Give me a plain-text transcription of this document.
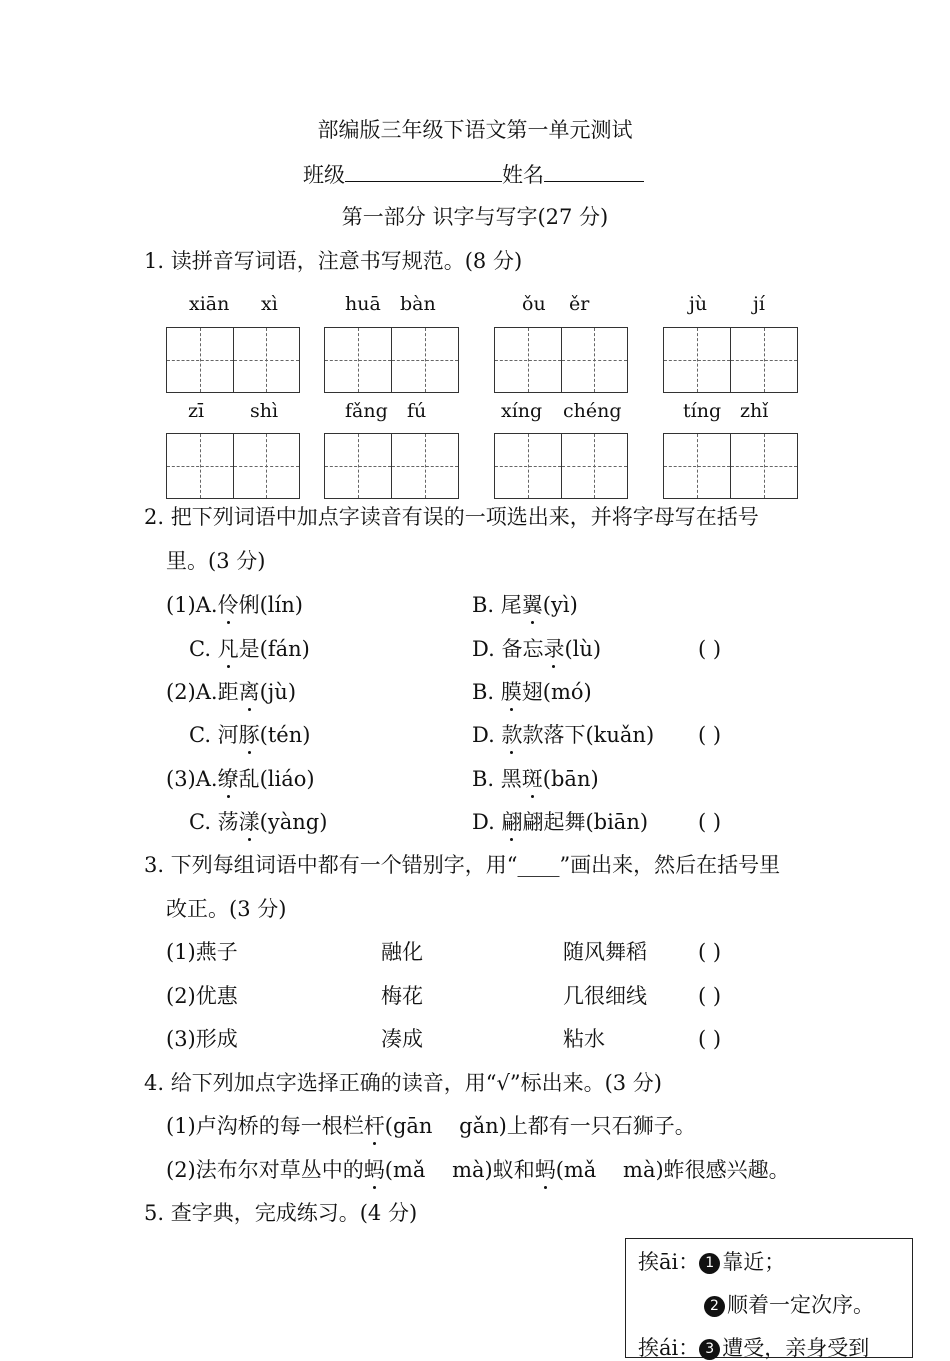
部编版三年级下语文第一单元测试
班级	姓名
第一部分 识字与写字(27 分)
1. 读拼音写词语，注意书写规范。(8 分)
xiān xì	huā bàn	ǒu ěr	jù jí
zī shì	fǎng fú	xíng chéng	tíng zhǐ
2. 把下列词语中加点字读音有误的一项选出来，并将字母写在括号
里。(3 分)
(1)A.伶俐(lín)	B. 尾翼(yì)
C. 凡是(fán)	D. 备忘录(lù)	( )
(2)A.距离(jù)	B. 膜翅(mó)
C. 河豚(tén)	D. 款款落下(kuǎn) ( )
(3)A.缭乱(liáo)	B. 黑斑(bān)
C. 荡漾(yàng)	D. 翩翩起舞(biān) ( )
3. 下列每组词语中都有一个错别字，用“____”画出来，然后在括号里
改正。(3 分)
(1)燕子	融化	随风舞稻 ( )
(2)优惠	梅花	几很细线 ( )
(3)形成	凑成	粘水	( )
4. 给下列加点字选择正确的读音，用“√”标出来。(3 分)
(1)卢沟桥的每一根栏杆(gān    gǎn)上都有一只石狮子。
(2)法布尔对草丛中的蚂(mǎ    mà)蚁和蚂(mǎ    mà)蚱很感兴趣。
5. 查字典，完成练习。(4 分)
挨āi： 1 靠近；
2 顺着一定次序。
挨ái： 3 遭受，亲身受到
